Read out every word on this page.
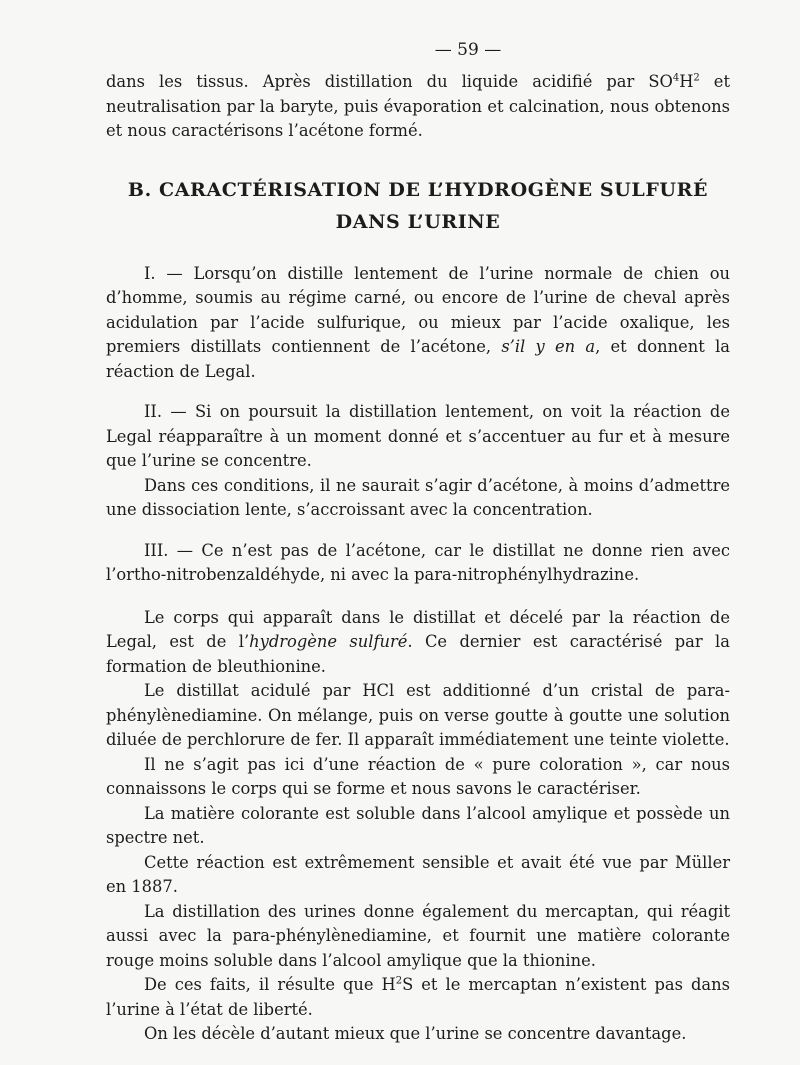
— 59 —

dans les tissus. Après distillation du liquide acidifié par $SO^4H^2$ et neutralisation par la baryte, puis évaporation et calcination, nous obtenons et nous caractérisons l’acétone formé.

B. CARACTÉRISATION DE L’HYDROGÈNE SULFURÉ
DANS L’URINE

I. — Lorsqu’on distille lentement de l’urine normale de chien ou d’homme, soumis au régime carné, ou encore de l’urine de cheval après acidulation par l’acide sulfurique, ou mieux par l’acide oxalique, les premiers distillats contiennent de l’acétone, s’il y en a, et donnent la réaction de Legal.

II. — Si on poursuit la distillation lentement, on voit la réaction de Legal réapparaître à un moment donné et s’accentuer au fur et à mesure que l’urine se concentre.

Dans ces conditions, il ne saurait s’agir d’acétone, à moins d’admettre une dissociation lente, s’accroissant avec la concentration.

III. — Ce n’est pas de l’acétone, car le distillat ne donne rien avec l’ortho-nitrobenzaldéhyde, ni avec la para-nitrophénylhydrazine.

Le corps qui apparaît dans le distillat et décelé par la réaction de Legal, est de l’hydrogène sulfuré. Ce dernier est caractérisé par la formation de bleuthionine.

Le distillat acidulé par HCl est additionné d’un cristal de para-phénylènediamine. On mélange, puis on verse goutte à goutte une solution diluée de perchlorure de fer. Il apparaît immédiatement une teinte violette.

Il ne s’agit pas ici d’une réaction de « pure coloration », car nous connaissons le corps qui se forme et nous savons le caractériser.

La matière colorante est soluble dans l’alcool amylique et possède un spectre net.

Cette réaction est extrêmement sensible et avait été vue par Müller en 1887.

La distillation des urines donne également du mercaptan, qui réagit aussi avec la para-phénylènediamine, et fournit une matière colorante rouge moins soluble dans l’alcool amylique que la thionine.

De ces faits, il résulte que $H^2S$ et le mercaptan n’existent pas dans l’urine à l’état de liberté.

On les décèle d’autant mieux que l’urine se concentre davantage.
